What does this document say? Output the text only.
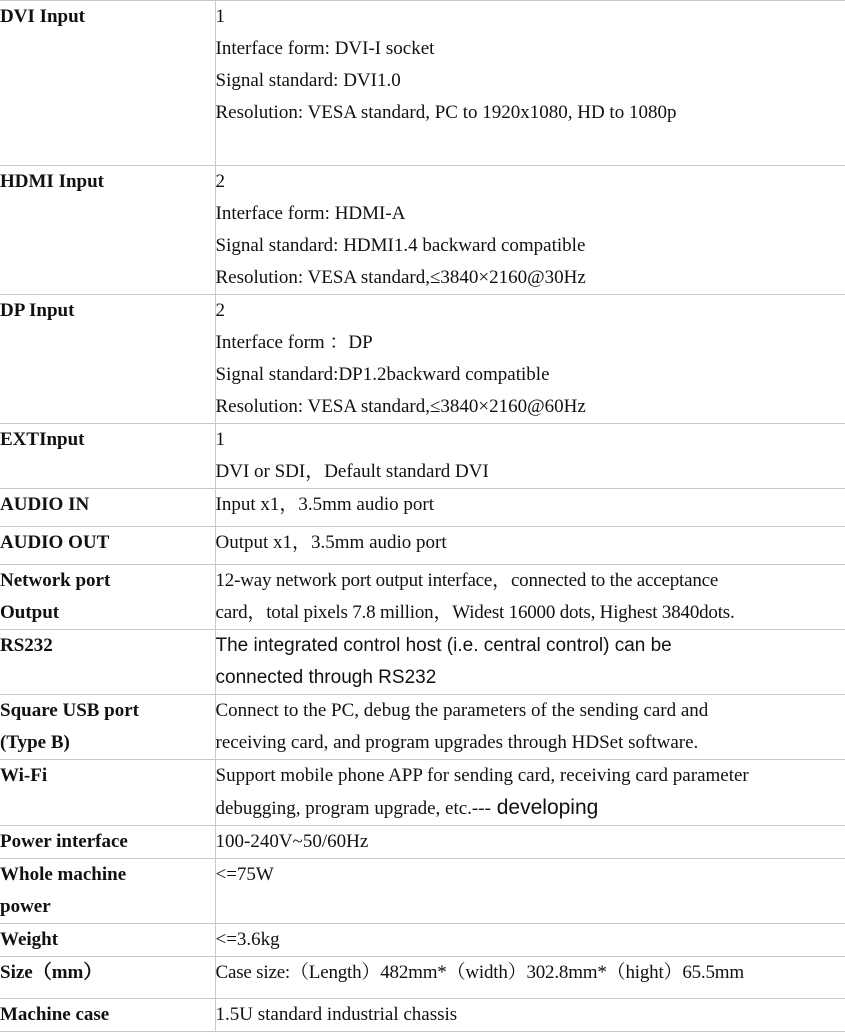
DVI Input	1
Interface form: DVI-I socket
Signal standard: DVI1.0
Resolution: VESA standard, PC to 1920x1080, HD to 1080p

HDMI Input	2
Interface form: HDMI-A
Signal standard: HDMI1.4 backward compatible
Resolution: VESA standard,≤3840×2160@30Hz

DP Input	2
Interface form ：DP
Signal standard:DP1.2backward compatible
Resolution: VESA standard,≤3840×2160@60Hz

EXTInput	1
DVI or SDI，Default standard DVI

AUDIO IN	Input x1，3.5mm audio port

AUDIO OUT	Output x1，3.5mm audio port

Network port
Output	12-way network port output interface，connected to the acceptance
card，total pixels 7.8 million，Widest 16000 dots, Highest 3840dots.

RS232	The integrated control host (i.e. central control) can be
connected through RS232

Square USB port
(Type B)	Connect to the PC, debug the parameters of the sending card and
receiving card, and program upgrades through HDSet software.

Wi-Fi	Support mobile phone APP for sending card, receiving card parameter
debugging, program upgrade, etc.--- developing

Power interface	100-240V~50/60Hz

Whole machine
power	<=75W

Weight	<=3.6kg

Size（mm）	Case size:（Length）482mm*（width）302.8mm*（hight）65.5mm

Machine case	1.5U standard industrial chassis
